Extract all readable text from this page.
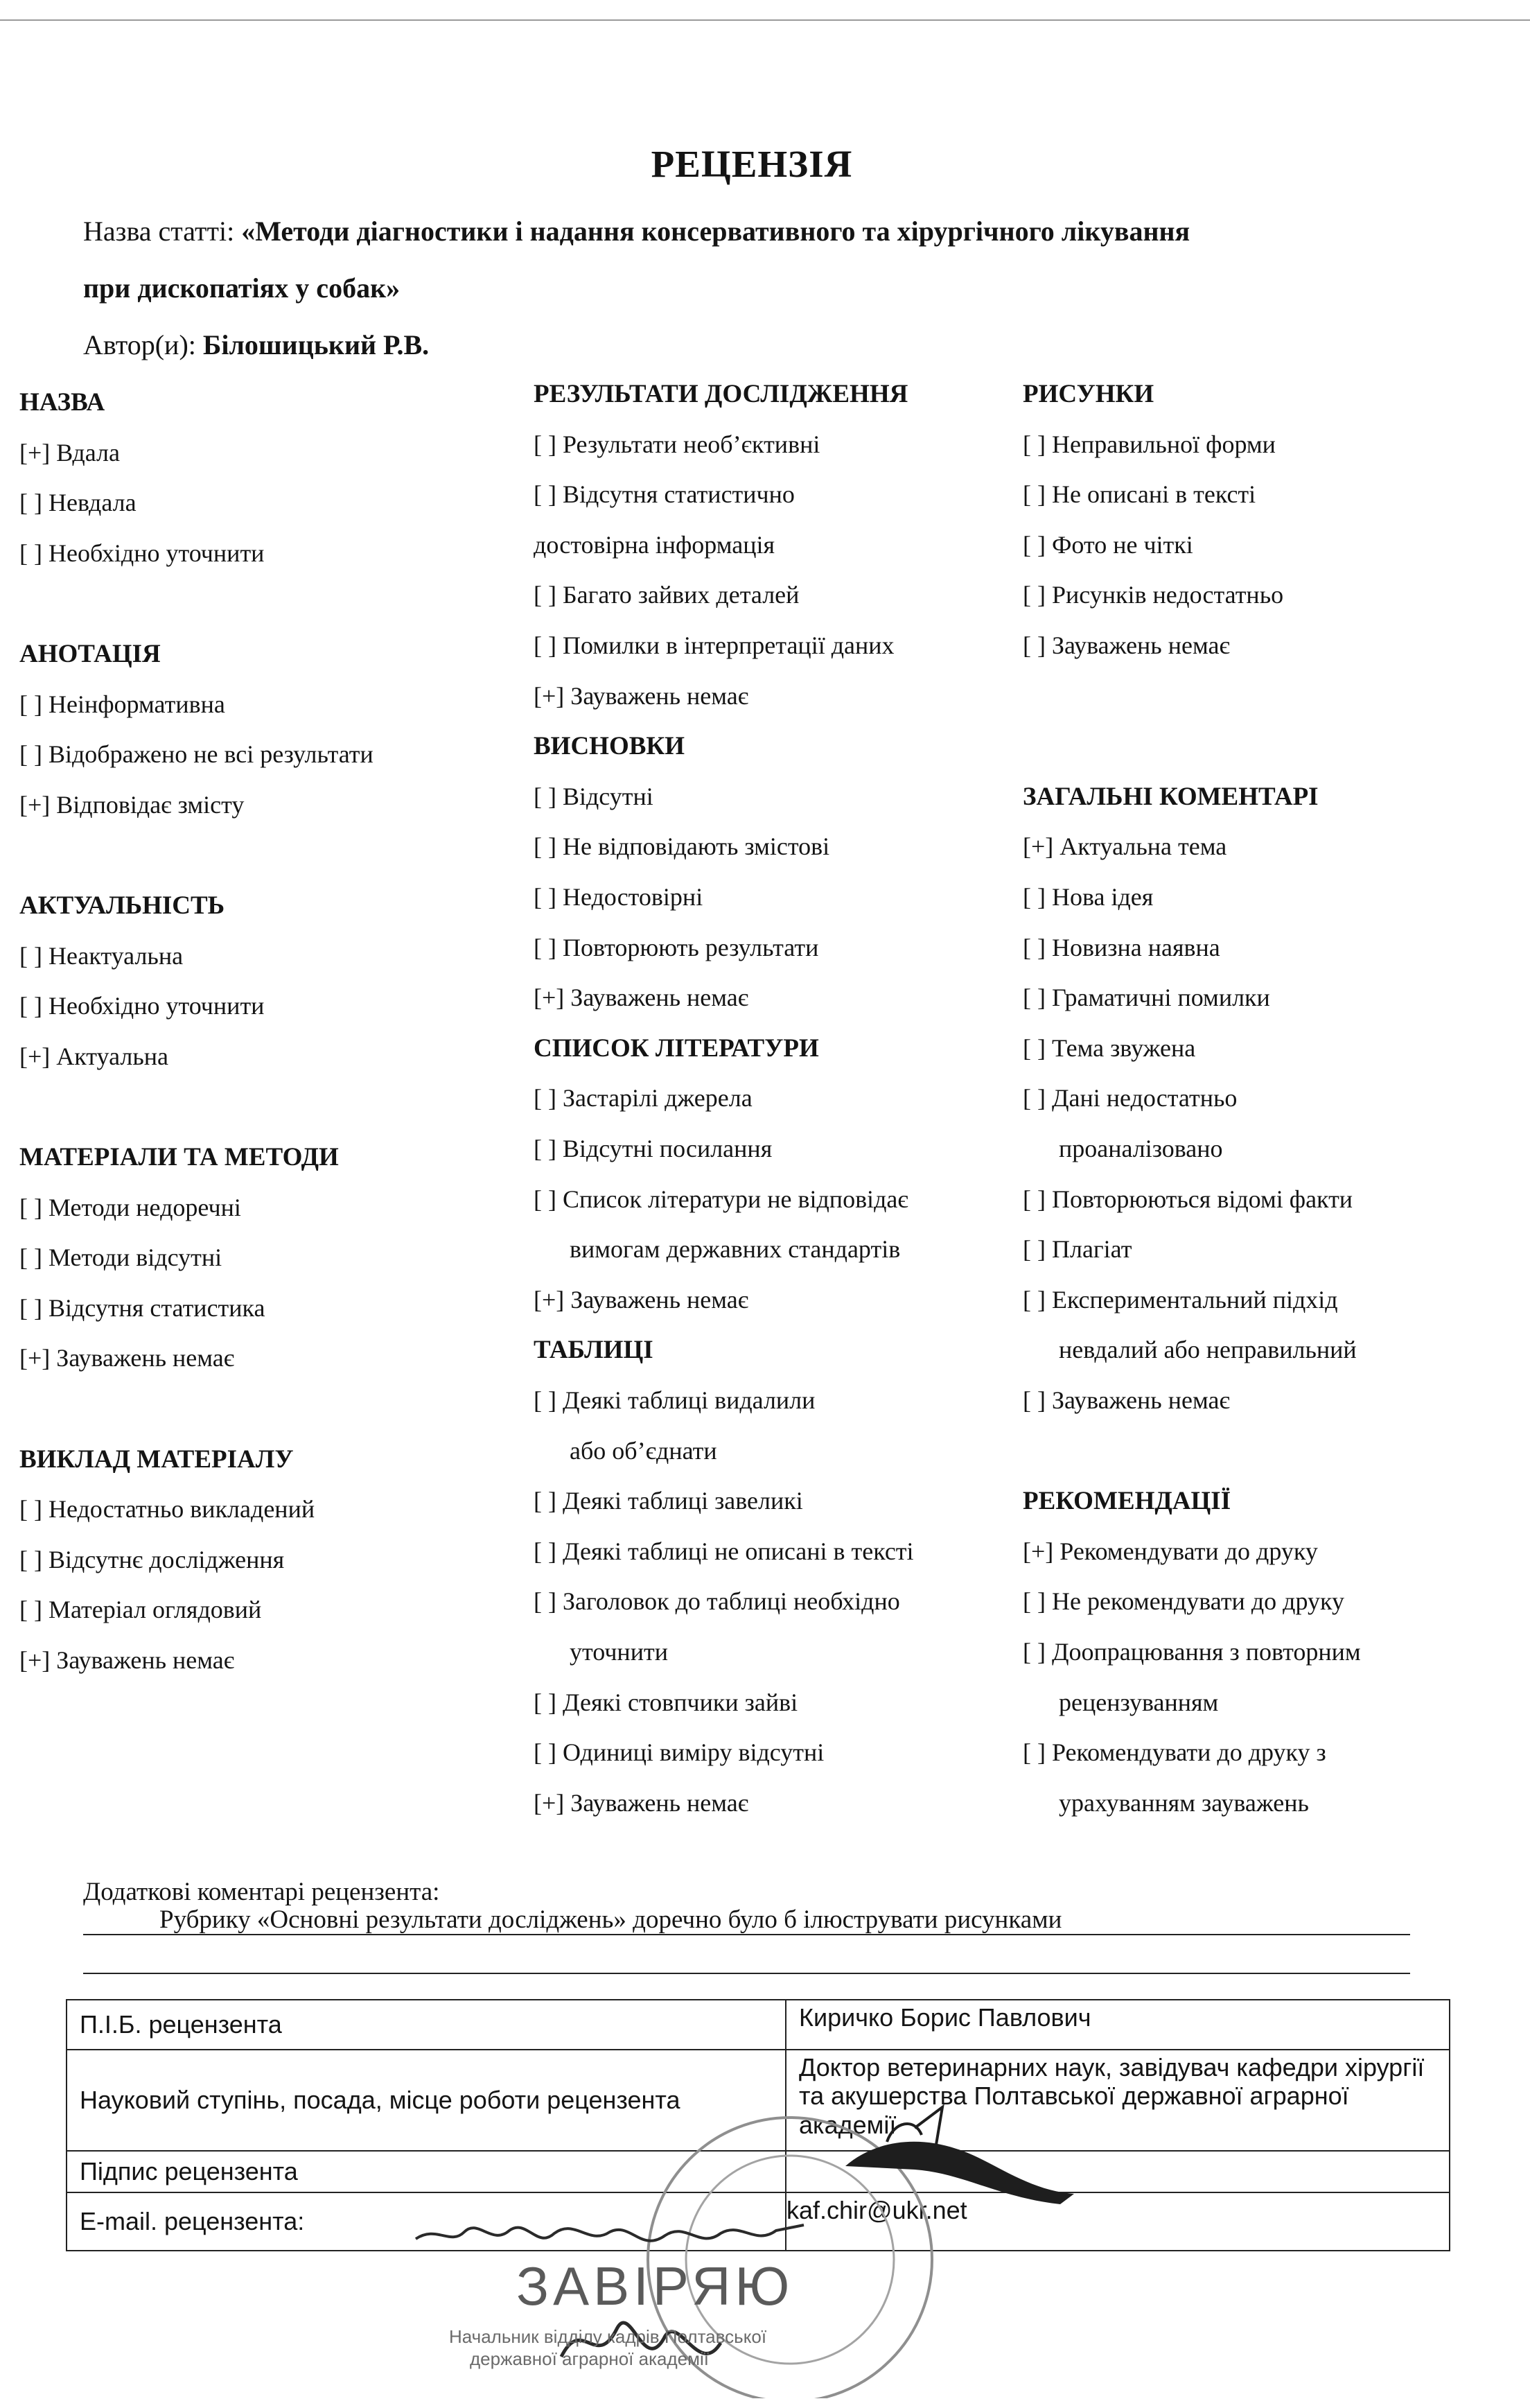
РЕЦЕНЗІЯ
Назва статті: «Методи діагностики і надання консервативного та хірургічного лікування
при дископатіях у собак»
Автор(и): Білошицький Р.В.
НАЗВА
[+] Вдала
[ ] Невдала
[ ] Необхідно уточнити
АНОТАЦІЯ
[ ] Неінформативна
[ ] Відображено не всі результати
[+] Відповідає змісту
АКТУАЛЬНІСТЬ
[ ] Неактуальна
[ ] Необхідно уточнити
[+] Актуальна
МАТЕРІАЛИ ТА МЕТОДИ
[ ] Методи недоречні
[ ] Методи відсутні
[ ] Відсутня статистика
[+] Зауважень немає
ВИКЛАД МАТЕРІАЛУ
[ ] Недостатньо викладений
[ ] Відсутнє дослідження
[ ] Матеріал оглядовий
[+] Зауважень немає
РЕЗУЛЬТАТИ ДОСЛІДЖЕННЯ
[ ] Результати необ’єктивні
[ ] Відсутня статистично
достовірна інформація
[ ] Багато зайвих деталей
[ ] Помилки в інтерпретації даних
[+] Зауважень немає
ВИСНОВКИ
[ ] Відсутні
[ ] Не відповідають змістові
[ ] Недостовірні
[ ] Повторюють результати
[+] Зауважень немає
СПИСОК ЛІТЕРАТУРИ
[ ] Застарілі джерела
[ ] Відсутні посилання
[ ] Список літератури не відповідає
вимогам державних стандартів
[+] Зауважень немає
ТАБЛИЦІ
[ ] Деякі таблиці видалили
або об’єднати
[ ] Деякі таблиці завеликі
[ ] Деякі таблиці не описані в тексті
[ ] Заголовок до таблиці необхідно
уточнити
[ ] Деякі стовпчики зайві
[ ] Одиниці виміру відсутні
[+] Зауважень немає
РИСУНКИ
[ ] Неправильної форми
[ ] Не описані в тексті
[ ] Фото не чіткі
[ ] Рисунків недостатньо
[ ] Зауважень немає
ЗАГАЛЬНІ КОМЕНТАРІ
[+] Актуальна тема
[ ] Нова ідея
[ ] Новизна наявна
[ ] Граматичні помилки
[ ] Тема звужена
[ ] Дані недостатньо
проаналізовано
[ ] Повторюються відомі факти
[ ] Плагіат
[ ] Експериментальний підхід
невдалий або неправильний
[ ] Зауважень немає
РЕКОМЕНДАЦІЇ
[+] Рекомендувати до друку
[ ] Не рекомендувати до друку
[ ] Доопрацювання з повторним
рецензуванням
[ ] Рекомендувати до друку з
урахуванням зауважень
Додаткові коментарі рецензента:
Рубрику «Основні результати досліджень» доречно було б ілюструвати рисунками
П.І.Б. рецензента	Киричко Борис Павлович
Науковий ступінь, посада, місце роботи рецензента	Доктор ветеринарних наук, завідувач кафедри хірургії та акушерства Полтавської державної аграрної академії
Підпис рецензента	
E-mail. рецензента:	kaf.chir@ukr.net
ЗАВІРЯЮ
Начальник відділу кадрів Полтавської
державної аграрної академії
